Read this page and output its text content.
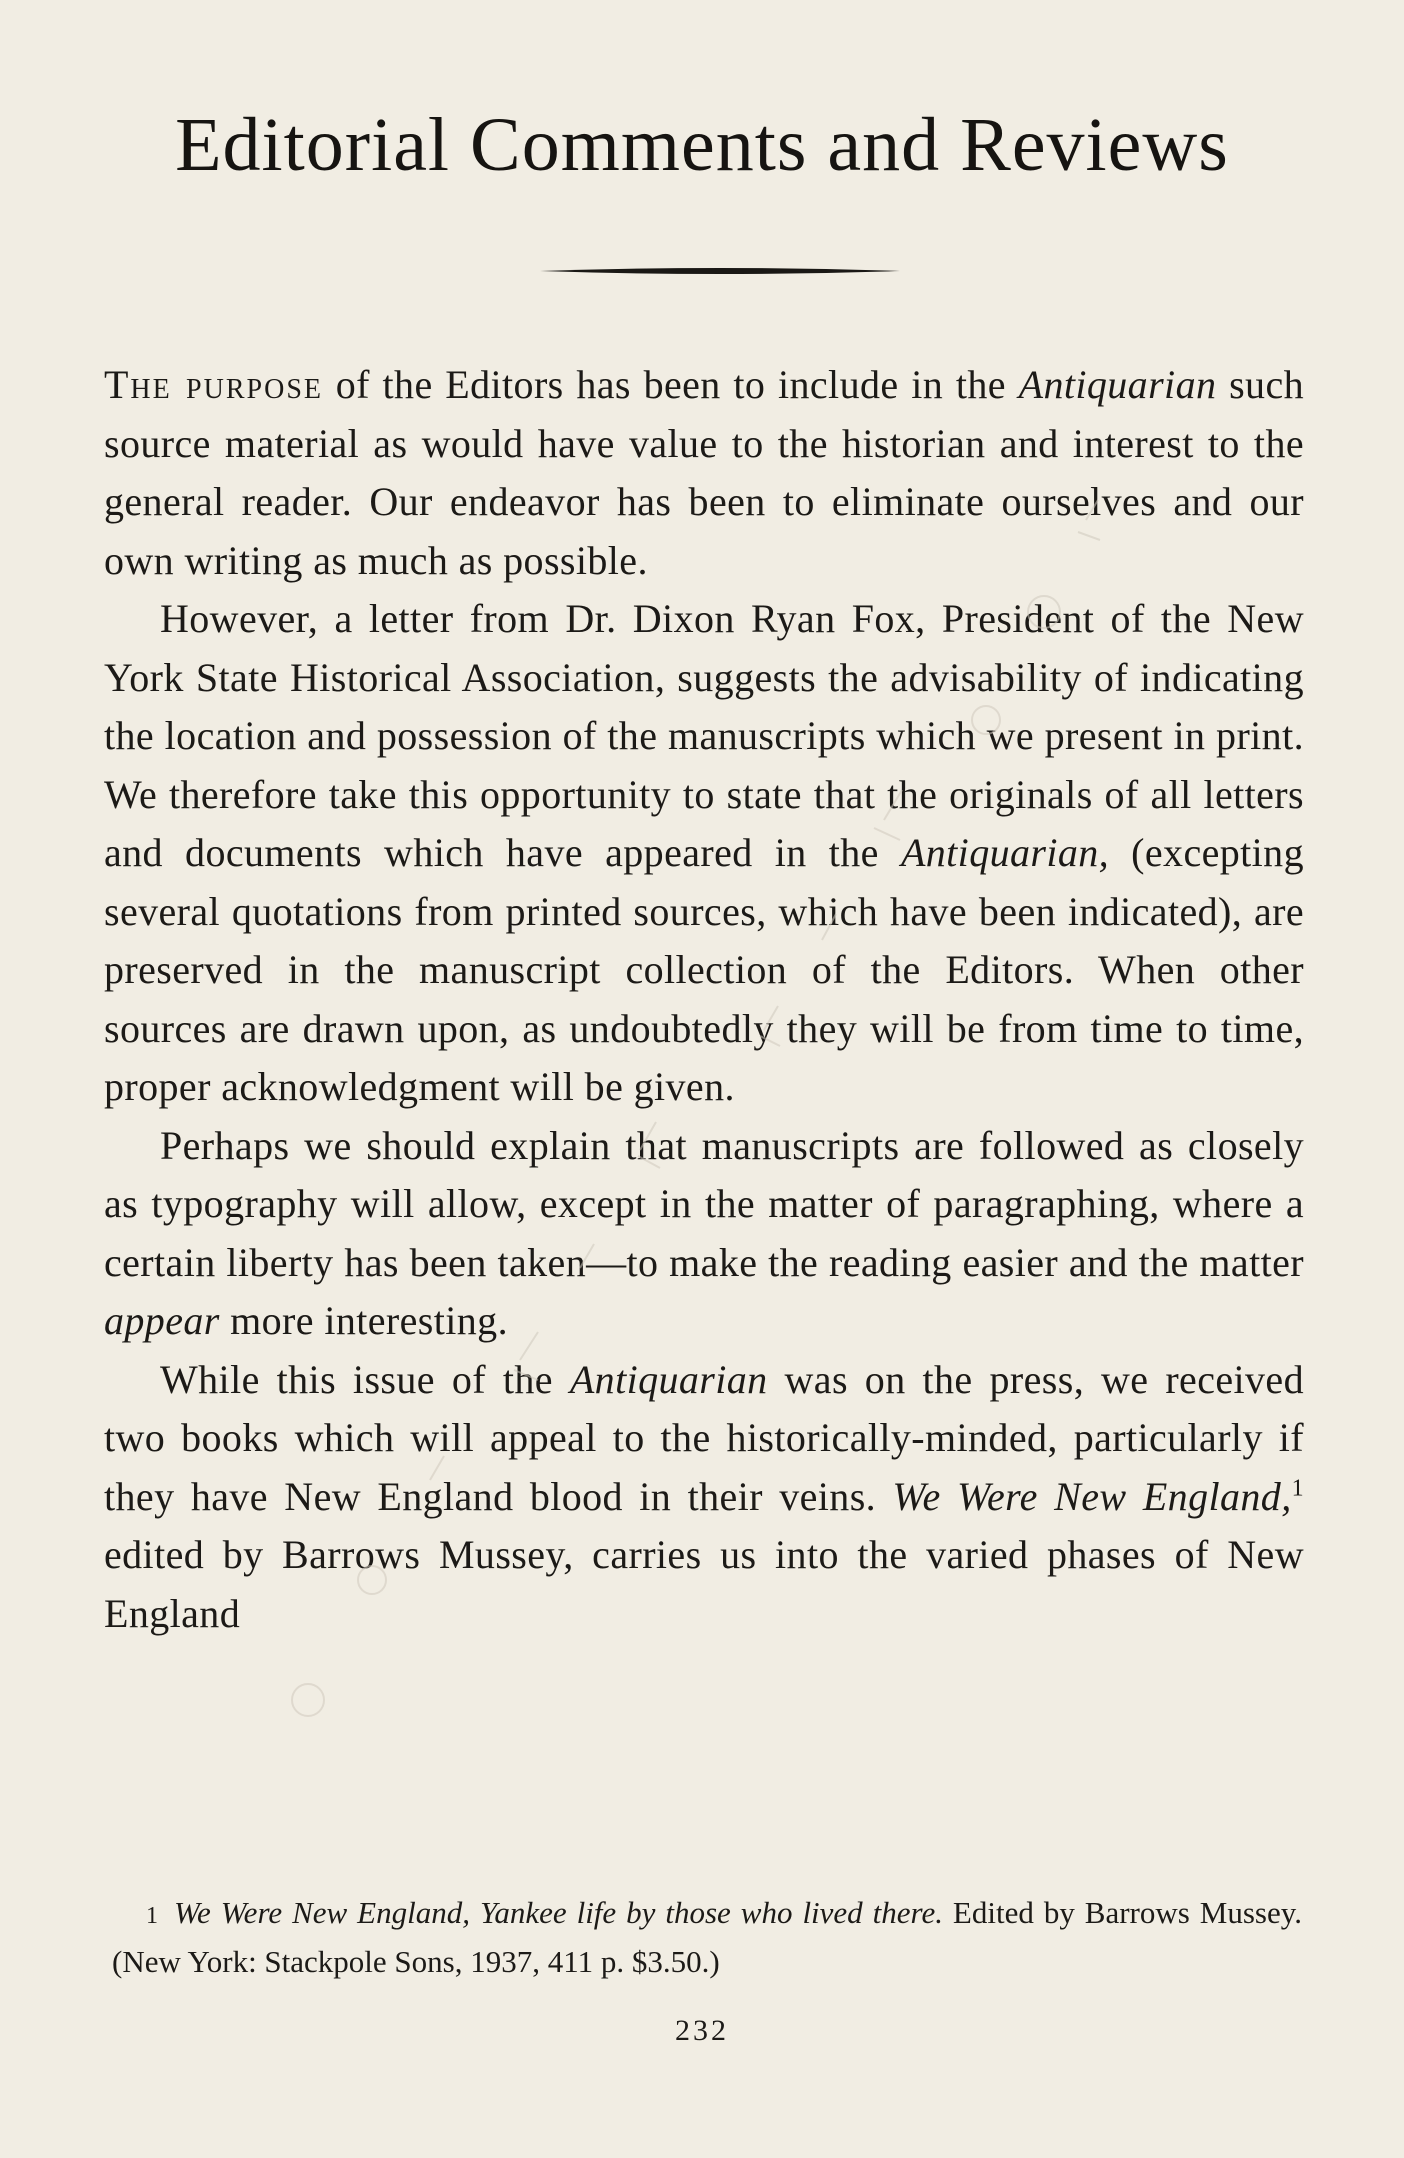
Editorial Comments and Reviews

The purpose of the Editors has been to include in the Antiquarian such source material as would have value to the historian and interest to the general reader. Our endeavor has been to eliminate ourselves and our own writing as much as possible.

However, a letter from Dr. Dixon Ryan Fox, President of the New York State Historical Association, suggests the advisability of indicating the location and possession of the manuscripts which we present in print. We therefore take this opportunity to state that the originals of all letters and documents which have appeared in the Antiquarian, (excepting several quotations from printed sources, which have been indicated), are preserved in the manuscript collection of the Editors. When other sources are drawn upon, as undoubtedly they will be from time to time, proper acknowledgment will be given.

Perhaps we should explain that manuscripts are followed as closely as typography will allow, except in the matter of paragraphing, where a certain liberty has been taken—to make the reading easier and the matter appear more interesting.

While this issue of the Antiquarian was on the press, we received two books which will appeal to the historically-minded, particularly if they have New England blood in their veins. We Were New England,$^1$ edited by Barrows Mussey, carries us into the varied phases of New England

1 We Were New England, Yankee life by those who lived there. Edited by Barrows Mussey. (New York: Stackpole Sons, 1937, 411 p. $3.50.)

232
